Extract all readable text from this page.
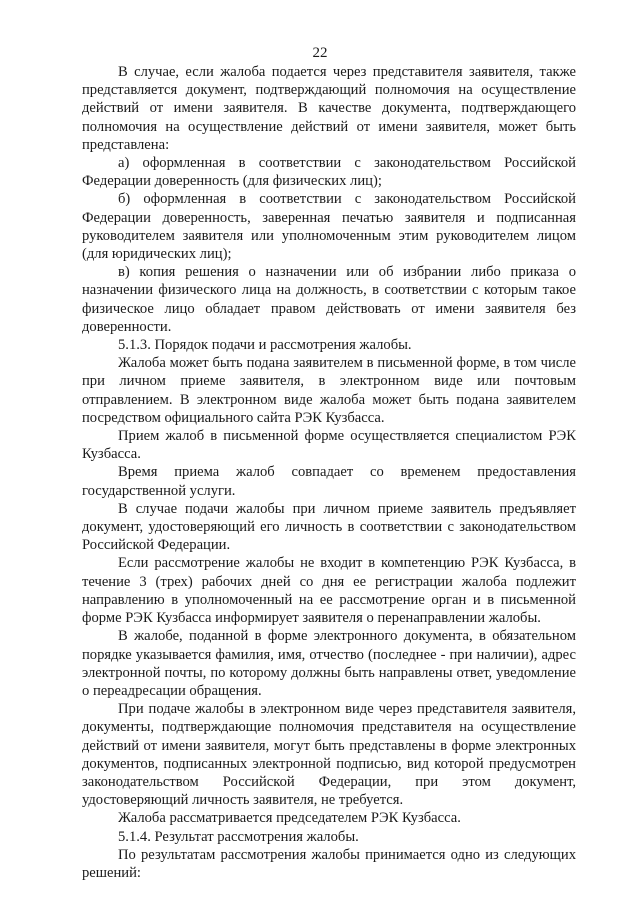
22

В случае, если жалоба подается через представителя заявителя, также представляется документ, подтверждающий полномочия на осуществление действий от имени заявителя. В качестве документа, подтверждающего полномочия на осуществление действий от имени заявителя, может быть представлена:

а) оформленная в соответствии с законодательством Российской Федерации доверенность (для физических лиц);

б) оформленная в соответствии с законодательством Российской Федерации доверенность, заверенная печатью заявителя и подписанная руководителем заявителя или уполномоченным этим руководителем лицом (для юридических лиц);

в) копия решения о назначении или об избрании либо приказа о назначении физического лица на должность, в соответствии с которым такое физическое лицо обладает правом действовать от имени заявителя без доверенности.

5.1.3. Порядок подачи и рассмотрения жалобы.

Жалоба может быть подана заявителем в письменной форме, в том числе при личном приеме заявителя, в электронном виде или почтовым отправлением. В электронном виде жалоба может быть подана заявителем посредством официального сайта РЭК Кузбасса.

Прием жалоб в письменной форме осуществляется специалистом РЭК Кузбасса.

Время приема жалоб совпадает со временем предоставления государственной услуги.

В случае подачи жалобы при личном приеме заявитель предъявляет документ, удостоверяющий его личность в соответствии с законодательством Российской Федерации.

Если рассмотрение жалобы не входит в компетенцию РЭК Кузбасса, в течение 3 (трех) рабочих дней со дня ее регистрации жалоба подлежит направлению в уполномоченный на ее рассмотрение орган и в письменной форме РЭК Кузбасса информирует заявителя о перенаправлении жалобы.

В жалобе, поданной в форме электронного документа, в обязательном порядке указывается фамилия, имя, отчество (последнее - при наличии), адрес электронной почты, по которому должны быть направлены ответ, уведомление о переадресации обращения.

При подаче жалобы в электронном виде через представителя заявителя, документы, подтверждающие полномочия представителя на осуществление действий от имени заявителя, могут быть представлены в форме электронных документов, подписанных электронной подписью, вид которой предусмотрен законодательством Российской Федерации, при этом документ, удостоверяющий личность заявителя, не требуется.

Жалоба рассматривается председателем РЭК Кузбасса.

5.1.4. Результат рассмотрения жалобы.

По результатам рассмотрения жалобы принимается одно из следующих решений:
